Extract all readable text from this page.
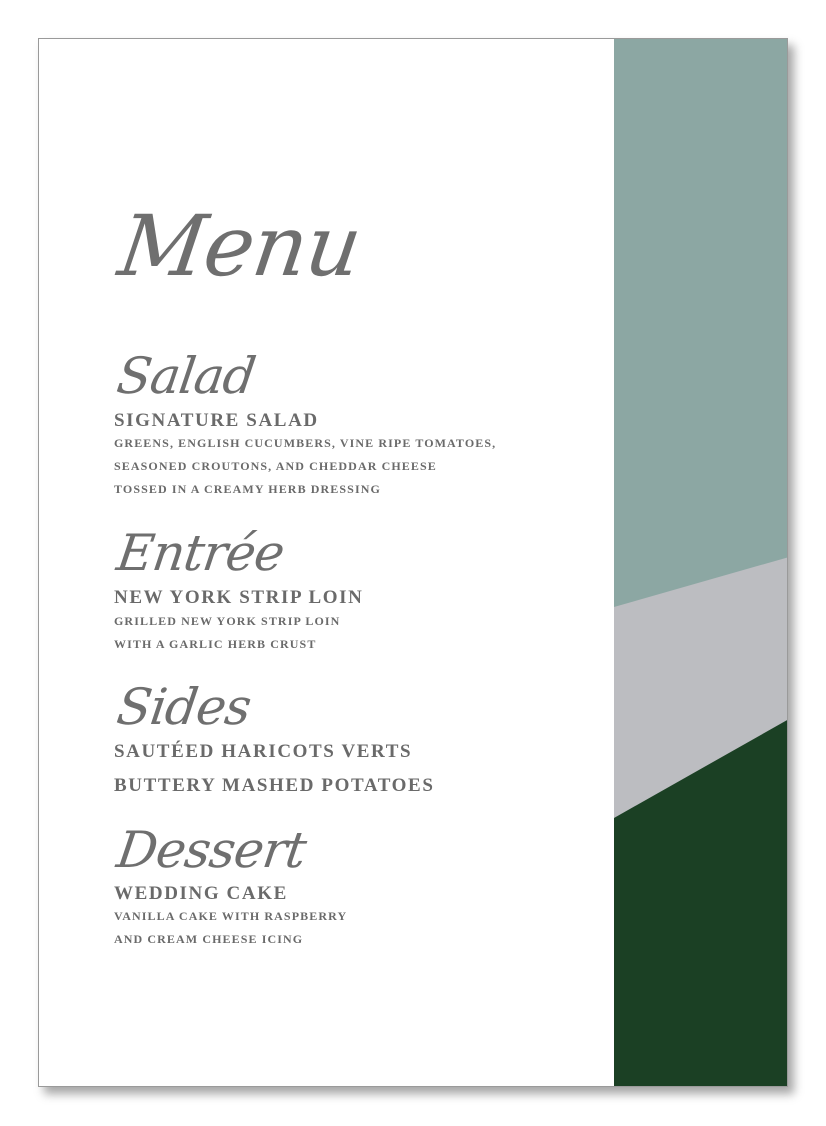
Menu
Salad

SIGNATURE SALAD

GREENS, ENGLISH CUCUMBERS, VINE RIPE TOMATOES,

SEASONED CROUTONS, AND CHEDDAR CHEESE

TOSSED IN A CREAMY HERB DRESSING

Entrée

NEW YORK STRIP LOIN

GRILLED NEW YORK STRIP LOIN

WITH A GARLIC HERB CRUST

Sides

SAUTÉED HARICOTS VERTS

BUTTERY MASHED POTATOES

Dessert

WEDDING CAKE

VANILLA CAKE WITH RASPBERRY

AND CREAM CHEESE ICING
